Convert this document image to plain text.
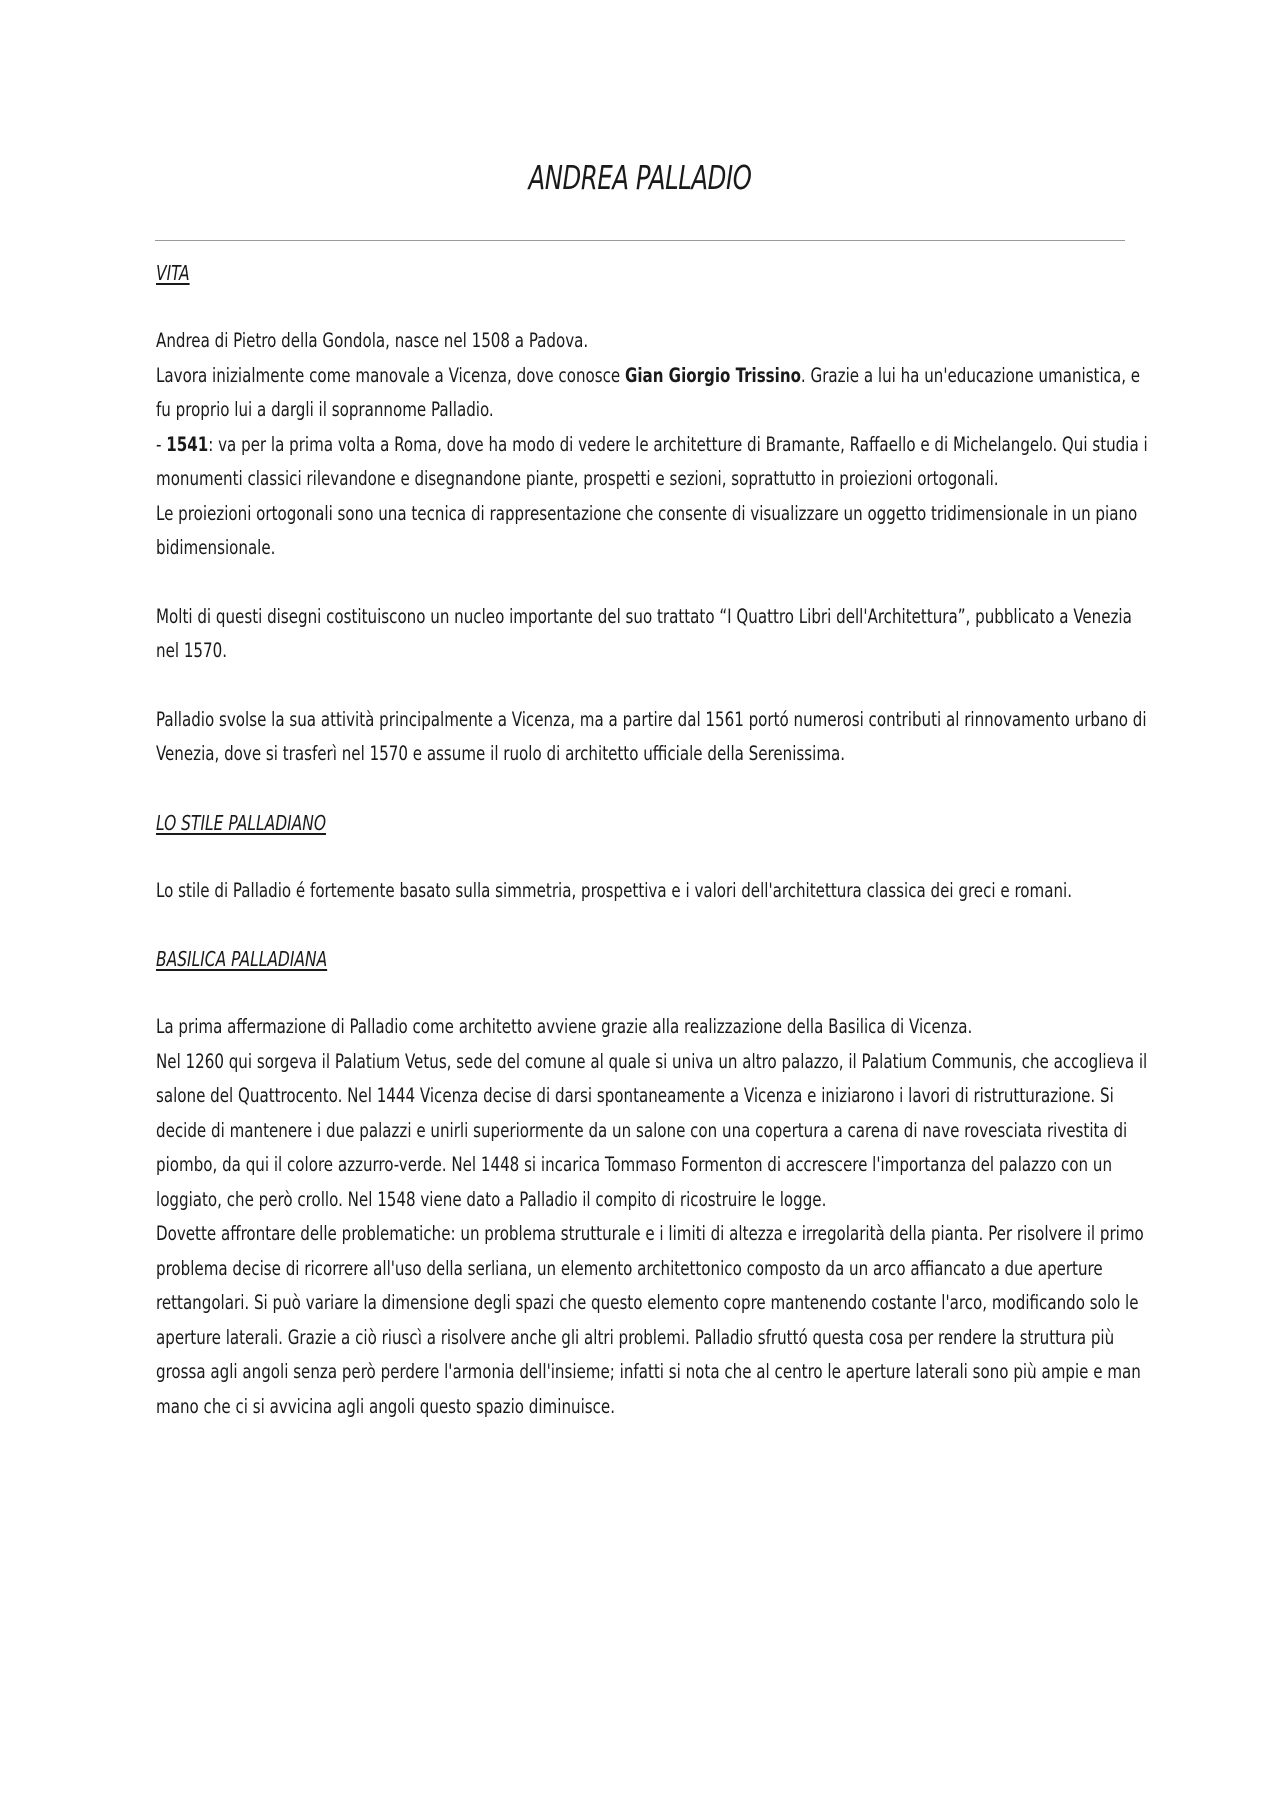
ANDREA PALLADIO
VITA

Andrea di Pietro della Gondola, nasce nel 1508 a Padova.

Lavora inizialmente come manovale a Vicenza, dove conosce Gian Giorgio Trissino. Grazie a lui ha un'educazione umanistica, e fu proprio lui a dargli il soprannome Palladio.

- 1541: va per la prima volta a Roma, dove ha modo di vedere le architetture di Bramante, Raffaello e di Michelangelo. Qui studia i monumenti classici rilevandone e disegnandone piante, prospetti e sezioni, soprattutto in proiezioni ortogonali.

Le proiezioni ortogonali sono una tecnica di rappresentazione che consente di visualizzare un oggetto tridimensionale in un piano bidimensionale.

Molti di questi disegni costituiscono un nucleo importante del suo trattato “I Quattro Libri dell'Architettura”, pubblicato a Venezia nel 1570.

Palladio svolse la sua attività principalmente a Vicenza, ma a partire dal 1561 portó numerosi contributi al rinnovamento urbano di Venezia, dove si trasferì nel 1570 e assume il ruolo di architetto ufficiale della Serenissima.

LO STILE PALLADIANO

Lo stile di Palladio é fortemente basato sulla simmetria, prospettiva e i valori dell'architettura classica dei greci e romani.

BASILICA PALLADIANA

La prima affermazione di Palladio come architetto avviene grazie alla realizzazione della Basilica di Vicenza.

Nel 1260 qui sorgeva il Palatium Vetus, sede del comune al quale si univa un altro palazzo, il Palatium Communis, che accoglieva il salone del Quattrocento. Nel 1444 Vicenza decise di darsi spontaneamente a Vicenza e iniziarono i lavori di ristrutturazione. Si decide di mantenere i due palazzi e unirli superiormente da un salone con una copertura a carena di nave rovesciata rivestita di piombo, da qui il colore azzurro-verde. Nel 1448 si incarica Tommaso Formenton di accrescere l'importanza del palazzo con un loggiato, che però crollo. Nel 1548 viene dato a Palladio il compito di ricostruire le logge.

Dovette affrontare delle problematiche: un problema strutturale e i limiti di altezza e irregolarità della pianta. Per risolvere il primo problema decise di ricorrere all'uso della serliana, un elemento architettonico composto da un arco affiancato a due aperture rettangolari. Si può variare la dimensione degli spazi che questo elemento copre mantenendo costante l'arco, modificando solo le aperture laterali. Grazie a ciò riuscì a risolvere anche gli altri problemi. Palladio sfruttó questa cosa per rendere la struttura più grossa agli angoli senza però perdere l'armonia dell'insieme; infatti si nota che al centro le aperture laterali sono più ampie e man mano che ci si avvicina agli angoli questo spazio diminuisce.
